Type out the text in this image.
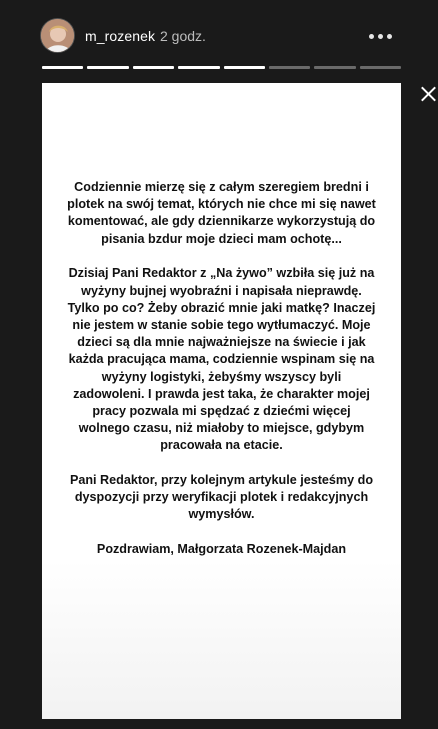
m_rozenek 2 godz.

Codziennie mierzę się z całym szeregiem bredni i plotek na swój temat, których nie chce mi się nawet komentować, ale gdy dziennikarze wykorzystują do pisania bzdur moje dzieci mam ochotę...

Dzisiaj Pani Redaktor z „Na żywo” wzbiła się już na wyżyny bujnej wyobraźni i napisała nieprawdę. Tylko po co? Żeby obrazić mnie jaki matkę? Inaczej nie jestem w stanie sobie tego wytłumaczyć. Moje dzieci są dla mnie najważniejsze na świecie i jak każda pracująca mama, codziennie wspinam się na wyżyny logistyki, żebyśmy wszyscy byli zadowoleni. I prawda jest taka, że charakter mojej pracy pozwala mi spędzać z dziećmi więcej wolnego czasu, niż miałoby to miejsce, gdybym pracowała na etacie.

Pani Redaktor, przy kolejnym artykule jesteśmy do dyspozycji przy weryfikacji plotek i redakcyjnych wymysłów.

Pozdrawiam, Małgorzata Rozenek-Majdan
